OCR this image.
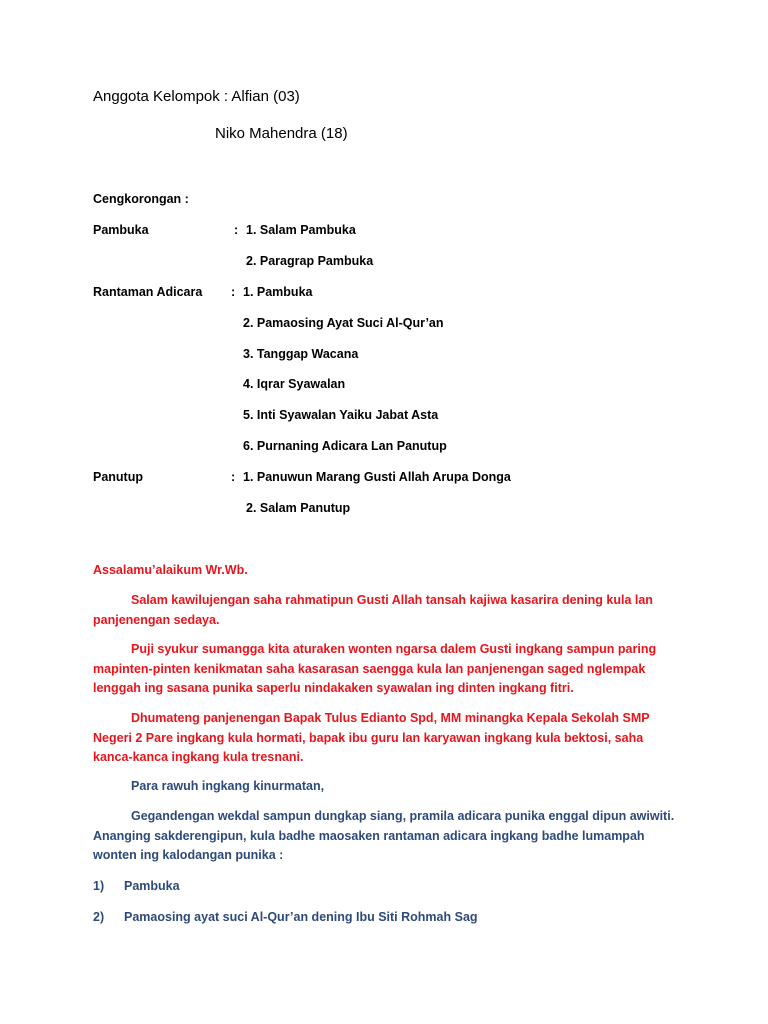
Anggota Kelompok : Alfian (03)
Niko Mahendra (18)
Cengkorongan :
Pambuka	: 1. Salam Pambuka
2. Paragrap Pambuka
Rantaman Adicara : 1. Pambuka
2. Pamaosing Ayat Suci Al-Qur’an
3. Tanggap Wacana
4. Iqrar Syawalan
5. Inti Syawalan Yaiku Jabat Asta
6. Purnaning Adicara Lan Panutup
Panutup	: 1. Panuwun Marang Gusti Allah Arupa Donga
2. Salam Panutup
Assalamu’alaikum Wr.Wb.
Salam kawilujengan saha rahmatipun Gusti Allah tansah kajiwa kasarira dening kula lan panjenengan sedaya.
Puji syukur sumangga kita aturaken wonten ngarsa dalem Gusti ingkang sampun paring mapinten-pinten kenikmatan saha kasarasan saengga kula lan panjenengan saged nglempak lenggah ing sasana punika saperlu nindakaken syawalan ing dinten ingkang fitri.
Dhumateng panjenengan Bapak Tulus Edianto Spd, MM minangka Kepala Sekolah SMP Negeri 2 Pare ingkang kula hormati, bapak ibu guru lan karyawan ingkang kula bektosi, saha kanca-kanca ingkang kula tresnani.
Para rawuh ingkang kinurmatan,
Gegandengan wekdal sampun dungkap siang, pramila adicara punika enggal dipun awiwiti. Ananging sakderengipun, kula badhe maosaken rantaman adicara ingkang badhe lumampah wonten ing kalodangan punika :
1) Pambuka
2) Pamaosing ayat suci Al-Qur’an dening Ibu Siti Rohmah Sag
